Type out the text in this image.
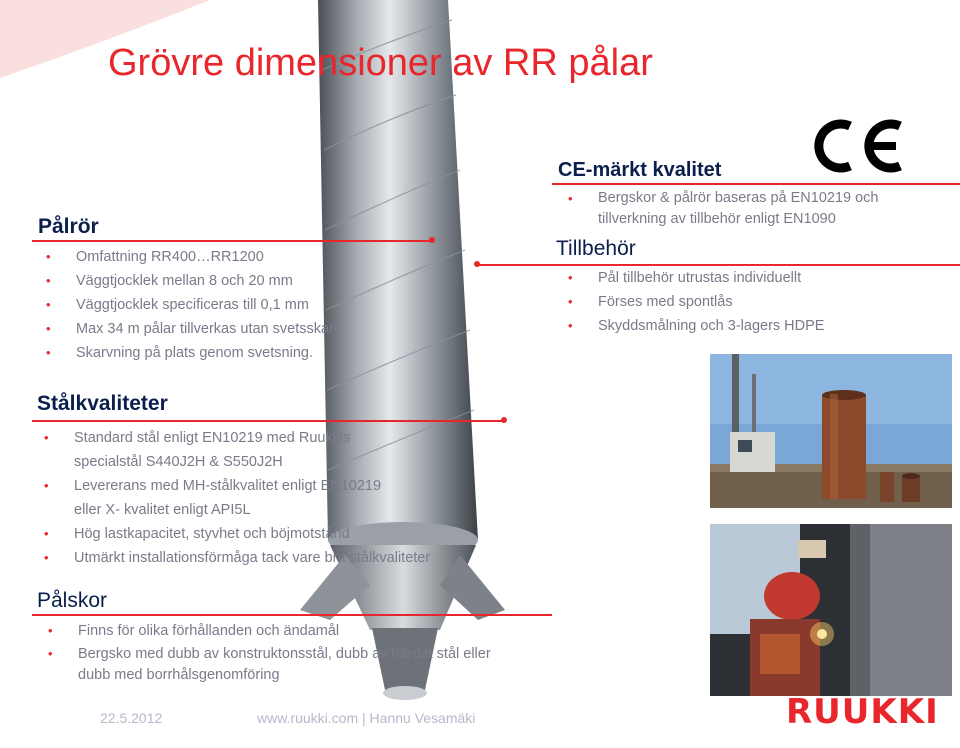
Grövre dimensioner av RR pålar
Pålrör
• Omfattning RR400…RR1200
• Väggtjocklek mellan 8 och 20 mm
• Väggtjocklek specificeras till 0,1 mm
• Max 34 m pålar tillverkas utan svetsskarv
• Skarvning på plats genom svetsning.
CE-märkt kvalitet
• Bergskor & pålrör baseras på EN10219 och
tillverkning av tillbehör enligt EN1090
Tillbehör
• Pål tillbehör utrustas individuellt
• Förses med spontlås
• Skyddsmålning och 3-lagers HDPE
Stålkvaliteter
• Standard stål enligt EN10219 med Ruukkis
specialstål S440J2H & S550J2H
• Levererans med MH-stålkvalitet enligt EN10219
eller X- kvalitet enligt API5L
• Hög lastkapacitet, styvhet och böjmotstånd
• Utmärkt installationsförmåga tack vare bra stålkvaliteter
Pålskor
• Finns för olika förhållanden och ändamål
• Bergsko med dubb av konstruktonsstål, dubb av härdat stål eller
dubb med borrhålsgenomföring
22.5.2012	www.ruukki.com | Hannu Vesamäki	RUUKKI
